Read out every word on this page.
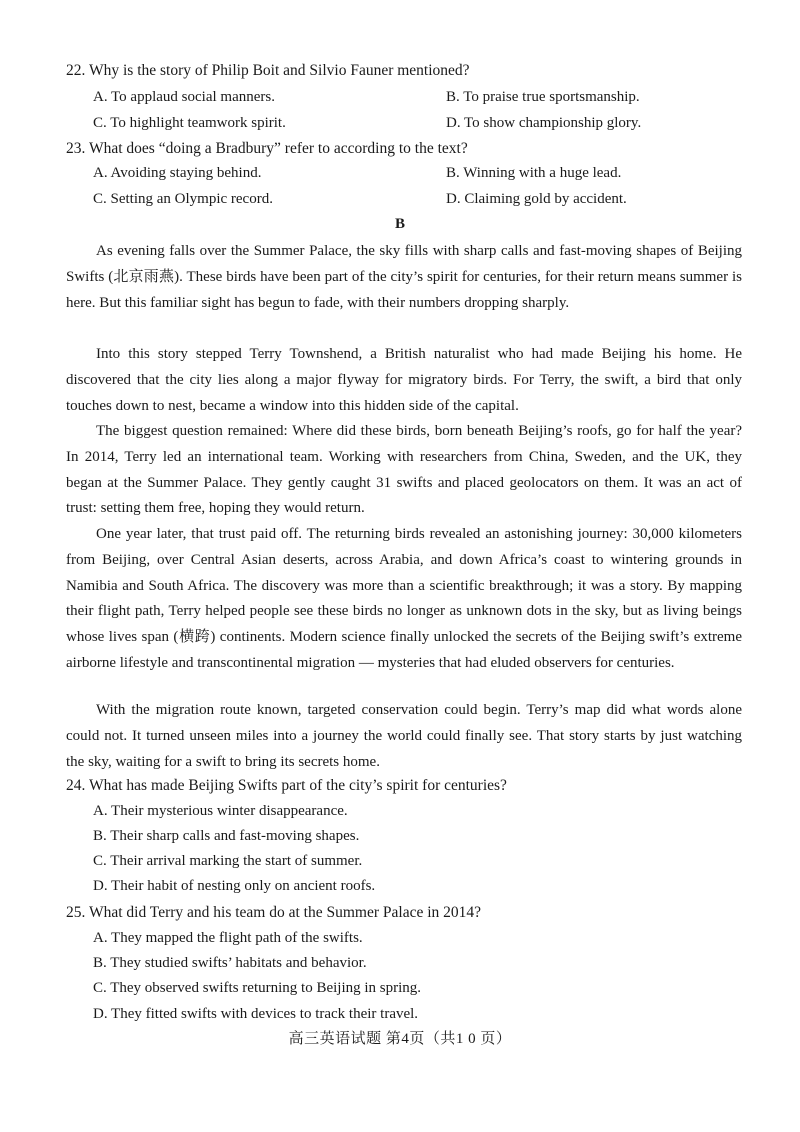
22. Why is the story of Philip Boit and Silvio Fauner mentioned?
A. To applaud social manners.	B. To praise true sportsmanship.
C. To highlight teamwork spirit.	D. To show championship glory.
23. What does “doing a Bradbury” refer to according to the text?
A. Avoiding staying behind.	B. Winning with a huge lead.
C. Setting an Olympic record.	D. Claiming gold by accident.
B

As evening falls over the Summer Palace, the sky fills with sharp calls and fast-moving shapes of Beijing Swifts (北京雨燕). These birds have been part of the city’s spirit for centuries, for their return means summer is here. But this familiar sight has begun to fade, with their numbers dropping sharply.

Into this story stepped Terry Townshend, a British naturalist who had made Beijing his home. He discovered that the city lies along a major flyway for migratory birds. For Terry, the swift, a bird that only touches down to nest, became a window into this hidden side of the capital.

The biggest question remained: Where did these birds, born beneath Beijing’s roofs, go for half the year? In 2014, Terry led an international team. Working with researchers from China, Sweden, and the UK, they began at the Summer Palace. They gently caught 31 swifts and placed geolocators on them. It was an act of trust: setting them free, hoping they would return.

One year later, that trust paid off. The returning birds revealed an astonishing journey: 30,000 kilometers from Beijing, over Central Asian deserts, across Arabia, and down Africa’s coast to wintering grounds in Namibia and South Africa. The discovery was more than a scientific breakthrough; it was a story. By mapping their flight path, Terry helped people see these birds no longer as unknown dots in the sky, but as living beings whose lives span (横跨) continents. Modern science finally unlocked the secrets of the Beijing swift’s extreme airborne lifestyle and transcontinental migration — mysteries that had eluded observers for centuries.

With the migration route known, targeted conservation could begin. Terry’s map did what words alone could not. It turned unseen miles into a journey the world could finally see. That story starts by just watching the sky, waiting for a swift to bring its secrets home.

24. What has made Beijing Swifts part of the city’s spirit for centuries?
A. Their mysterious winter disappearance.
B. Their sharp calls and fast-moving shapes.
C. Their arrival marking the start of summer.
D. Their habit of nesting only on ancient roofs.
25. What did Terry and his team do at the Summer Palace in 2014?
A. They mapped the flight path of the swifts.
B. They studied swifts’ habitats and behavior.
C. They observed swifts returning to Beijing in spring.
D. They fitted swifts with devices to track their travel.
高三英语试题 第4页（共1 0 页）
